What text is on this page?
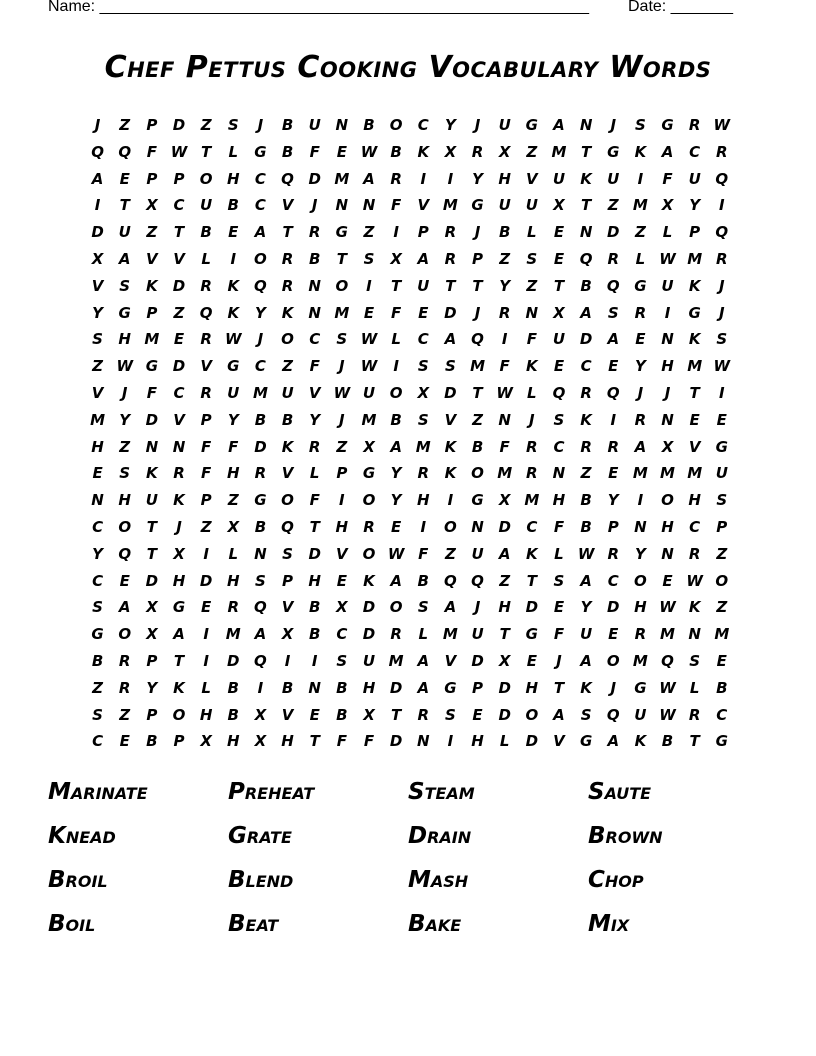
Name: _______________________________________________________ Date: _______
Chef Pettus Cooking Vocabulary Words
J	Z	P	D	Z	S	J	B	U N	B	O	C	Y	J	U G	A	N	J	S	G	R W
Q Q	F W T	L	G	B	F	E W B	K	X	R	X	Z M T	G	K	A	C	R
A	E	P	P	O H	C	Q D M A	R	I	I	Y	H	V	U	K	U	I	F	U Q
I	T	X	C	U	B	C	V	J	N N	F	V M G U U	X	T	Z M X	Y	I
D U	Z	T	B	E	A	T	R	G	Z	I	P	R	J	B	L	E	N D	Z	L	P	Q
X	A	V	V	L	I	O R	B	T	S	X	A	R	P	Z	S	E	Q R	L W M R
V	S	K	D	R	K Q R	N O	I	T	U	T	T	Y	Z	T	B	Q G U	K	J
Y	G	P	Z	Q K	Y	K	N M E	F	E	D	J	R	N	X	A	S	R	I	G	J
S	H M E	R W	J	O	C	S W L	C	A Q	I	F	U D	A	E	N	K	S
Z W G D	V	G	C	Z	F	J	W	I	S	S M F	K	E	C	E	Y	H M W
V	J	F	C	R	U M U	V W U O X	D	T W L	Q R Q	J	J	T	I
M Y	D	V	P	Y	B	B	Y	J	M B	S	V	Z	N	J	S	K	I	R	N	E	E
H	Z	N N	F	F	D	K	R	Z	X	A M K	B	F	R	C	R	R	A	X	V	G
E	S	K	R	F	H	R	V	L	P	G	Y	R	K O M R	N	Z	E M M M U
N H U	K	P	Z	G O	F	I	O	Y	H	I	G	X M H	B	Y	I	O H	S
C	O	T	J	Z	X	B	Q	T	H	R	E	I	O N D	C	F	B	P	N H	C	P
Y	Q	T	X	I	L	N	S	D	V O W F	Z	U	A	K	L W R	Y	N	R	Z
C	E	D H D H	S	P	H	E	K	A	B	Q Q	Z	T	S	A	C	O	E W O
S	A	X	G	E	R Q V	B	X	D O	S	A	J	H D	E	Y	D H W K	Z
G O X	A	I	M A	X	B	C	D	R	L M U	T	G	F	U	E	R M N M
B	R	P	T	I	D Q	I	I	S	U M A	V	D	X	E	J	A O M Q	S	E
Z	R	Y	K	L	B	I	B	N	B	H D	A	G	P	D H	T	K	J	G W L	B
S	Z	P	O H	B	X	V	E	B	X	T	R	S	E	D O A	S	Q U W R	C
C	E	B	P	X	H	X	H	T	F	F	D N	I	H	L	D	V	G	A	K	B	T	G
Marinate	Preheat	Steam	Saute
Knead	Grate	Drain	Brown
Broil	Blend	Mash	Chop
Boil	Beat	Bake	Mix
